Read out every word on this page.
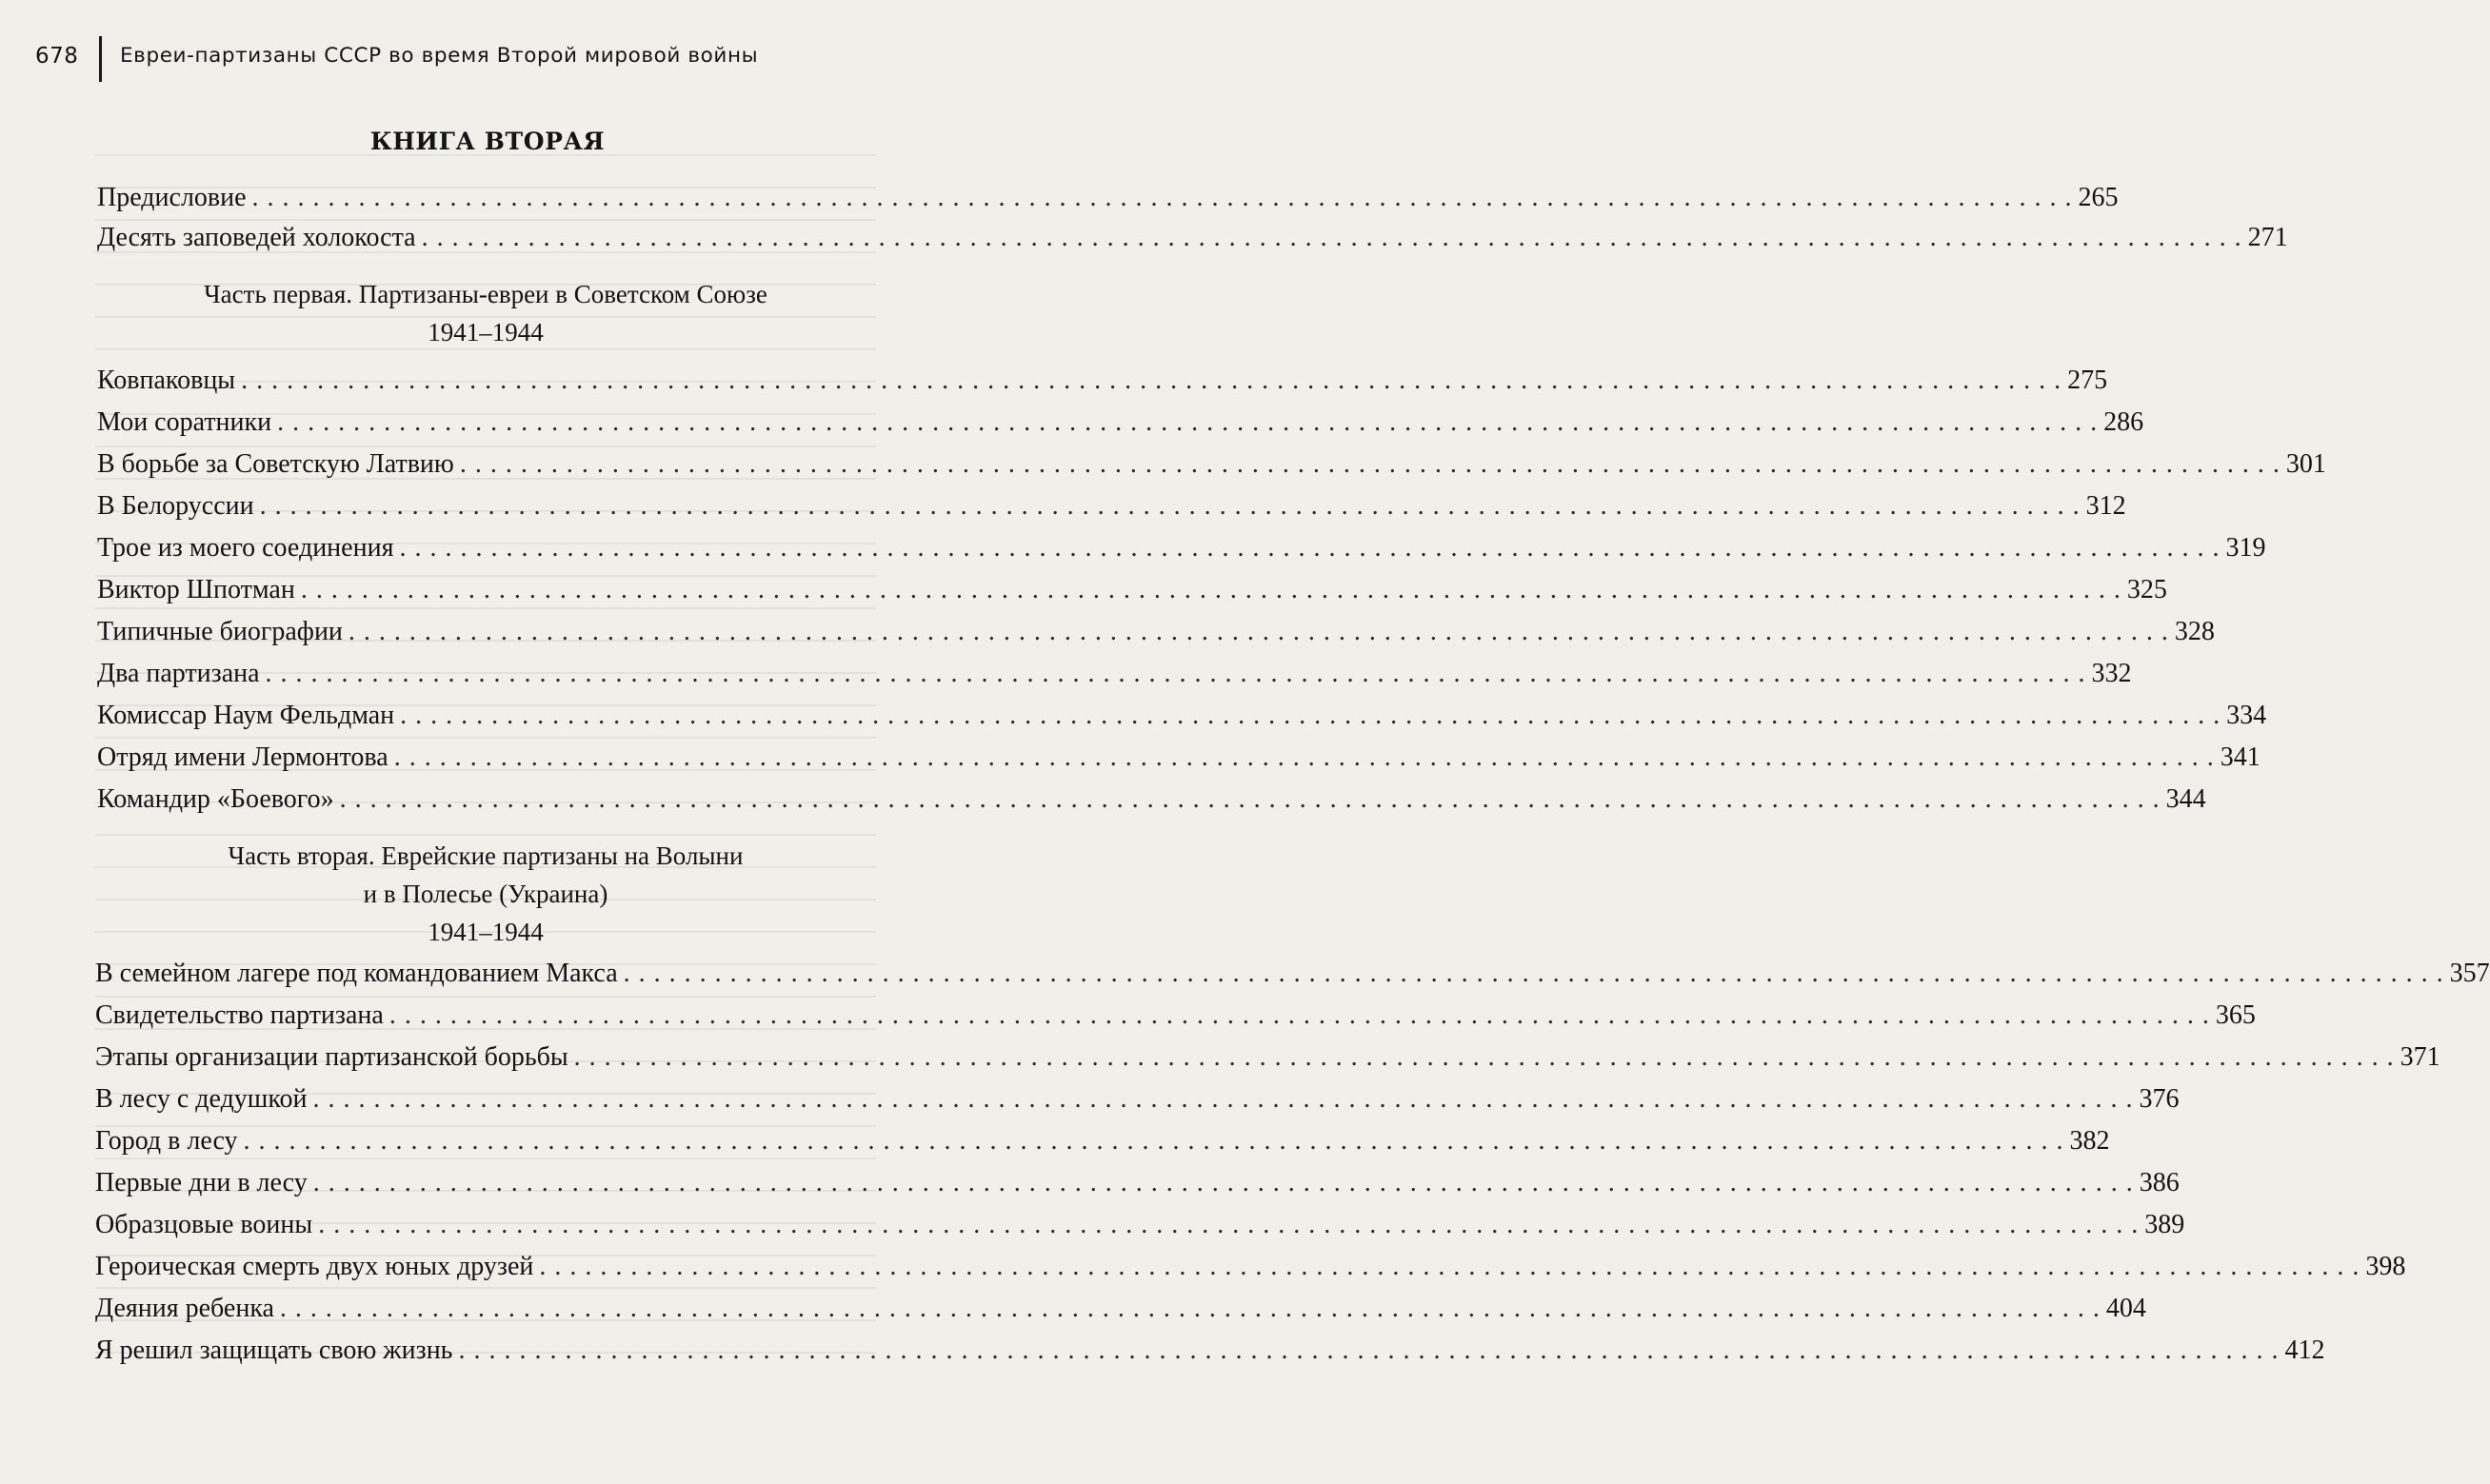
678 Евреи-партизаны СССР во время Второй мировой войны
КНИГА ВТОРАЯ
Предисловие . . . . . . . . . . . . . . . . . . . . . . . . . . . . . . . . . . . . . . . . . . . . . . . . . . . . . . . . . . . . . . . . . . . . . . . . . . . . . . . . . . . . . . . . . . . . . . . . . . . . . . . . . . . . . . . . . . . . . . . . 265
Десять заповедей холокоста . . . . . . . . . . . . . . . . . . . . . . . . . . . . . . . . . . . . . . . . . . . . . . . . . . . . . . . . . . . . . . . . . . . . . . . . . . . . . . . . . . . . . . . . . . . . . . . . . . . . . . . . . . . . . . . . . . . . . . . . 271
Часть первая. Партизаны-евреи в Советском Союзе
1941–1944
Ковпаковцы . . . . . . . . . . . . . . . . . . . . . . . . . . . . . . . . . . . . . . . . . . . . . . . . . . . . . . . . . . . . . . . . . . . . . . . . . . . . . . . . . . . . . . . . . . . . . . . . . . . . . . . . . . . . . . . . . . . . . . . . 275
Мои соратники . . . . . . . . . . . . . . . . . . . . . . . . . . . . . . . . . . . . . . . . . . . . . . . . . . . . . . . . . . . . . . . . . . . . . . . . . . . . . . . . . . . . . . . . . . . . . . . . . . . . . . . . . . . . . . . . . . . . . . . . 286
В борьбе за Советскую Латвию . . . . . . . . . . . . . . . . . . . . . . . . . . . . . . . . . . . . . . . . . . . . . . . . . . . . . . . . . . . . . . . . . . . . . . . . . . . . . . . . . . . . . . . . . . . . . . . . . . . . . . . . . . . . . . . . . . . . . . . . 301
В Белоруссии . . . . . . . . . . . . . . . . . . . . . . . . . . . . . . . . . . . . . . . . . . . . . . . . . . . . . . . . . . . . . . . . . . . . . . . . . . . . . . . . . . . . . . . . . . . . . . . . . . . . . . . . . . . . . . . . . . . . . . . . 312
Трое из моего соединения . . . . . . . . . . . . . . . . . . . . . . . . . . . . . . . . . . . . . . . . . . . . . . . . . . . . . . . . . . . . . . . . . . . . . . . . . . . . . . . . . . . . . . . . . . . . . . . . . . . . . . . . . . . . . . . . . . . . . . . . 319
Виктор Шпотман . . . . . . . . . . . . . . . . . . . . . . . . . . . . . . . . . . . . . . . . . . . . . . . . . . . . . . . . . . . . . . . . . . . . . . . . . . . . . . . . . . . . . . . . . . . . . . . . . . . . . . . . . . . . . . . . . . . . . . . . 325
Типичные биографии . . . . . . . . . . . . . . . . . . . . . . . . . . . . . . . . . . . . . . . . . . . . . . . . . . . . . . . . . . . . . . . . . . . . . . . . . . . . . . . . . . . . . . . . . . . . . . . . . . . . . . . . . . . . . . . . . . . . . . . . 328
Два партизана . . . . . . . . . . . . . . . . . . . . . . . . . . . . . . . . . . . . . . . . . . . . . . . . . . . . . . . . . . . . . . . . . . . . . . . . . . . . . . . . . . . . . . . . . . . . . . . . . . . . . . . . . . . . . . . . . . . . . . . . 332
Комиссар Наум Фельдман . . . . . . . . . . . . . . . . . . . . . . . . . . . . . . . . . . . . . . . . . . . . . . . . . . . . . . . . . . . . . . . . . . . . . . . . . . . . . . . . . . . . . . . . . . . . . . . . . . . . . . . . . . . . . . . . . . . . . . . . 334
Отряд имени Лермонтова . . . . . . . . . . . . . . . . . . . . . . . . . . . . . . . . . . . . . . . . . . . . . . . . . . . . . . . . . . . . . . . . . . . . . . . . . . . . . . . . . . . . . . . . . . . . . . . . . . . . . . . . . . . . . . . . . . . . . . . . 341
Командир «Боевого» . . . . . . . . . . . . . . . . . . . . . . . . . . . . . . . . . . . . . . . . . . . . . . . . . . . . . . . . . . . . . . . . . . . . . . . . . . . . . . . . . . . . . . . . . . . . . . . . . . . . . . . . . . . . . . . . . . . . . . . . 344
Часть вторая. Еврейские партизаны на Волыни
и в Полесье (Украина)
1941–1944
В семейном лагере под командованием Макса . . . . . . . . . . . . . . . . . . . . . . . . . . . . . . . . . . . . . . . . . . . . . . . . . . . . . . . . . . . . . . . . . . . . . . . . . . . . . . . . . . . . . . . . . . . . . . . . . . . . . . . . . . . . . . . . . . . . . . . . 357
Свидетельство партизана . . . . . . . . . . . . . . . . . . . . . . . . . . . . . . . . . . . . . . . . . . . . . . . . . . . . . . . . . . . . . . . . . . . . . . . . . . . . . . . . . . . . . . . . . . . . . . . . . . . . . . . . . . . . . . . . . . . . . . . . 365
Этапы организации партизанской борьбы . . . . . . . . . . . . . . . . . . . . . . . . . . . . . . . . . . . . . . . . . . . . . . . . . . . . . . . . . . . . . . . . . . . . . . . . . . . . . . . . . . . . . . . . . . . . . . . . . . . . . . . . . . . . . . . . . . . . . . . . 371
В лесу с дедушкой . . . . . . . . . . . . . . . . . . . . . . . . . . . . . . . . . . . . . . . . . . . . . . . . . . . . . . . . . . . . . . . . . . . . . . . . . . . . . . . . . . . . . . . . . . . . . . . . . . . . . . . . . . . . . . . . . . . . . . . . 376
Город в лесу . . . . . . . . . . . . . . . . . . . . . . . . . . . . . . . . . . . . . . . . . . . . . . . . . . . . . . . . . . . . . . . . . . . . . . . . . . . . . . . . . . . . . . . . . . . . . . . . . . . . . . . . . . . . . . . . . . . . . . . . 382
Первые дни в лесу . . . . . . . . . . . . . . . . . . . . . . . . . . . . . . . . . . . . . . . . . . . . . . . . . . . . . . . . . . . . . . . . . . . . . . . . . . . . . . . . . . . . . . . . . . . . . . . . . . . . . . . . . . . . . . . . . . . . . . . . 386
Образцовые воины . . . . . . . . . . . . . . . . . . . . . . . . . . . . . . . . . . . . . . . . . . . . . . . . . . . . . . . . . . . . . . . . . . . . . . . . . . . . . . . . . . . . . . . . . . . . . . . . . . . . . . . . . . . . . . . . . . . . . . . . 389
Героическая смерть двух юных друзей . . . . . . . . . . . . . . . . . . . . . . . . . . . . . . . . . . . . . . . . . . . . . . . . . . . . . . . . . . . . . . . . . . . . . . . . . . . . . . . . . . . . . . . . . . . . . . . . . . . . . . . . . . . . . . . . . . . . . . . . 398
Деяния ребенка . . . . . . . . . . . . . . . . . . . . . . . . . . . . . . . . . . . . . . . . . . . . . . . . . . . . . . . . . . . . . . . . . . . . . . . . . . . . . . . . . . . . . . . . . . . . . . . . . . . . . . . . . . . . . . . . . . . . . . . . 404
Я решил защищать свою жизнь . . . . . . . . . . . . . . . . . . . . . . . . . . . . . . . . . . . . . . . . . . . . . . . . . . . . . . . . . . . . . . . . . . . . . . . . . . . . . . . . . . . . . . . . . . . . . . . . . . . . . . . . . . . . . . . . . . . . . . . . 412
